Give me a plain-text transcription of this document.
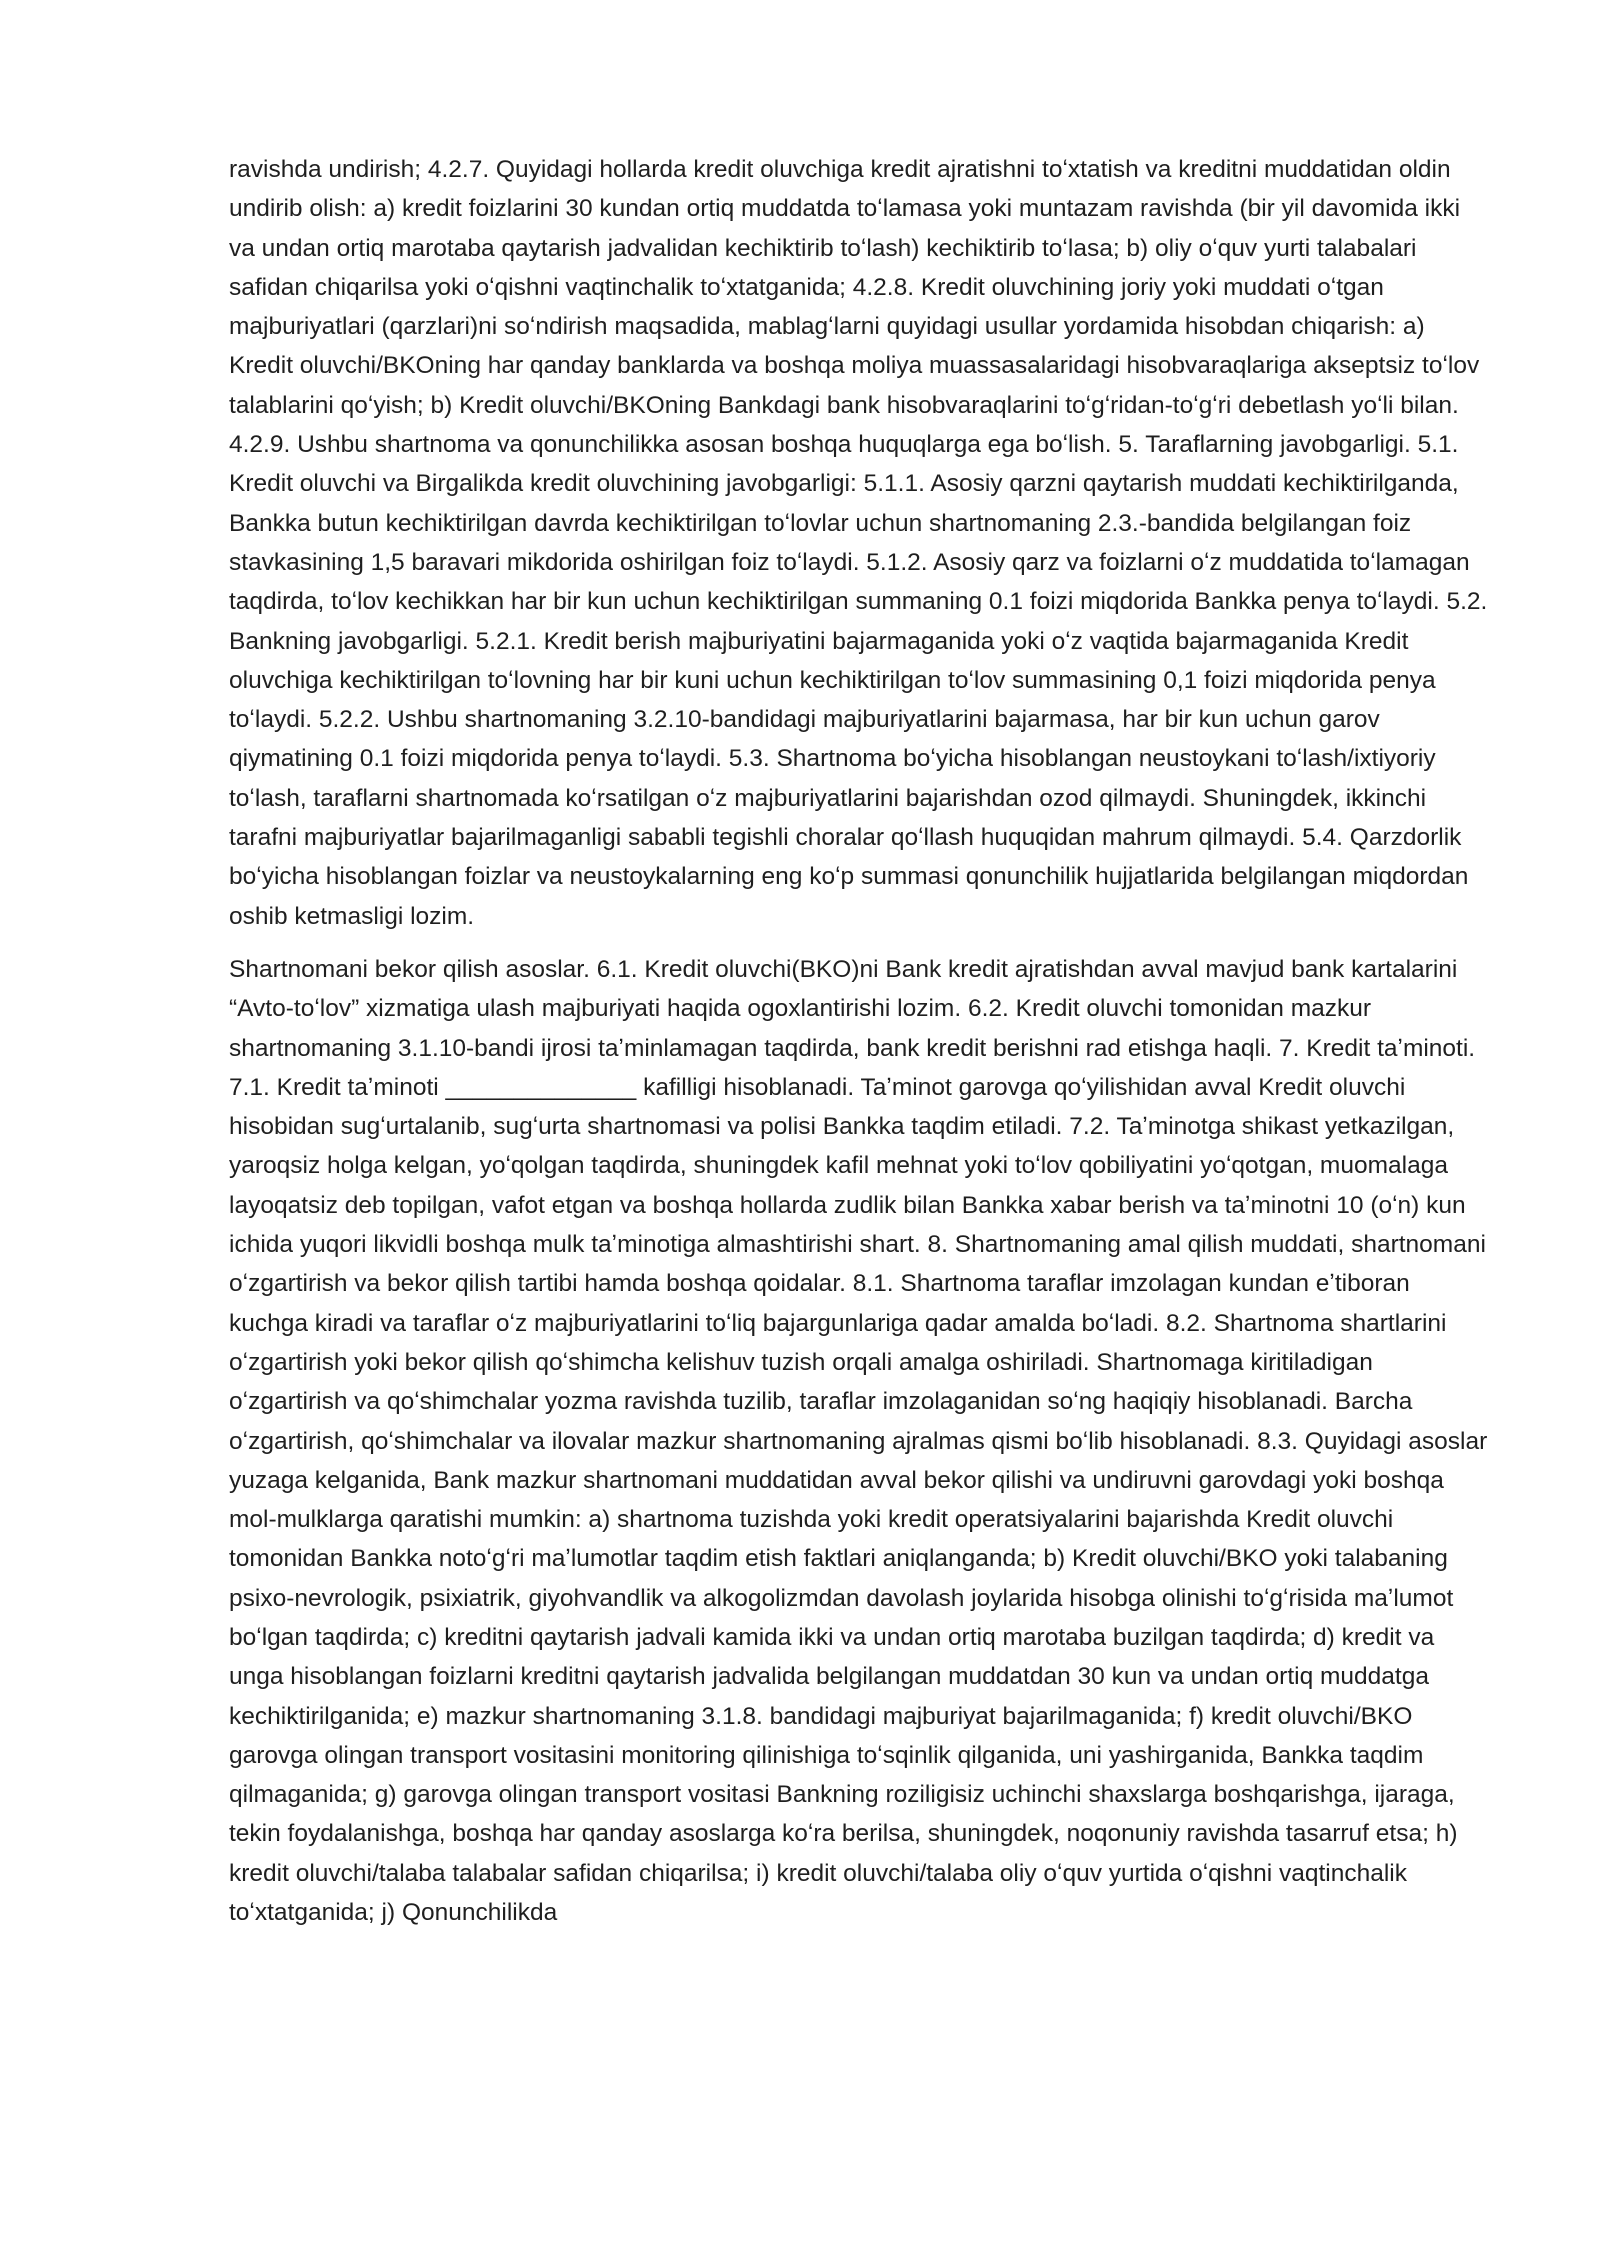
ravishda undirish; 4.2.7. Quyidagi hollarda kredit oluvchiga kredit ajratishni toʻxtatish va kreditni muddatidan oldin undirib olish: a) kredit foizlarini 30 kundan ortiq muddatda toʻlamasa yoki muntazam ravishda (bir yil davomida ikki va undan ortiq marotaba qaytarish jadvalidan kechiktirib toʻlash) kechiktirib toʻlasa; b) oliy oʻquv yurti talabalari safidan chiqarilsa yoki oʻqishni vaqtinchalik toʻxtatganida; 4.2.8. Kredit oluvchining joriy yoki muddati oʻtgan majburiyatlari (qarzlari)ni soʻndirish maqsadida, mablagʻlarni quyidagi usullar yordamida hisobdan chiqarish: a) Kredit oluvchi/BKOning har qanday banklarda va boshqa moliya muassasalaridagi hisobvaraqlariga akseptsiz toʻlov talablarini qoʻyish; b) Kredit oluvchi/BKOning Bankdagi bank hisobvaraqlarini toʻgʻridan-toʻgʻri debetlash yoʻli bilan. 4.2.9. Ushbu shartnoma va qonunchilikka asosan boshqa huquqlarga ega boʻlish. 5. Taraflarning javobgarligi. 5.1. Kredit oluvchi va Birgalikda kredit oluvchining javobgarligi: 5.1.1. Asosiy qarzni qaytarish muddati kechiktirilganda, Bankka butun kechiktirilgan davrda kechiktirilgan toʻlovlar uchun shartnomaning 2.3.-bandida belgilangan foiz stavkasining 1,5 baravari mikdorida oshirilgan foiz toʻlaydi. 5.1.2. Asosiy qarz va foizlarni oʻz muddatida toʻlamagan taqdirda, toʻlov kechikkan har bir kun uchun kechiktirilgan summaning 0.1 foizi miqdorida Bankka penya toʻlaydi. 5.2. Bankning javobgarligi. 5.2.1. Kredit berish majburiyatini bajarmaganida yoki oʻz vaqtida bajarmaganida Kredit oluvchiga kechiktirilgan toʻlovning har bir kuni uchun kechiktirilgan toʻlov summasining 0,1 foizi miqdorida penya toʻlaydi. 5.2.2. Ushbu shartnomaning 3.2.10-bandidagi majburiyatlarini bajarmasa, har bir kun uchun garov qiymatining 0.1 foizi miqdorida penya toʻlaydi. 5.3. Shartnoma boʻyicha hisoblangan neustoykani toʻlash/ixtiyoriy toʻlash, taraflarni shartnomada koʻrsatilgan oʻz majburiyatlarini bajarishdan ozod qilmaydi. Shuningdek, ikkinchi tarafni majburiyatlar bajarilmaganligi sababli tegishli choralar qoʻllash huquqidan mahrum qilmaydi. 5.4. Qarzdorlik boʻyicha hisoblangan foizlar va neustoykalarning eng koʻp summasi qonunchilik hujjatlarida belgilangan miqdordan oshib ketmasligi lozim.

Shartnomani bekor qilish asoslar. 6.1. Kredit oluvchi(BKO)ni Bank kredit ajratishdan avval mavjud bank kartalarini “Avto-toʻlov” xizmatiga ulash majburiyati haqida ogoxlantirishi lozim. 6.2. Kredit oluvchi tomonidan mazkur shartnomaning 3.1.10-bandi ijrosi taʼminlamagan taqdirda, bank kredit berishni rad etishga haqli. 7. Kredit taʼminoti. 7.1. Kredit taʼminoti ______________ kafilligi hisoblanadi. Taʼminot garovga qoʻyilishidan avval Kredit oluvchi hisobidan sugʻurtalanib, sugʻurta shartnomasi va polisi Bankka taqdim etiladi. 7.2. Taʼminotga shikast yetkazilgan, yaroqsiz holga kelgan, yoʻqolgan taqdirda, shuningdek kafil mehnat yoki toʻlov qobiliyatini yoʻqotgan, muomalaga layoqatsiz deb topilgan, vafot etgan va boshqa hollarda zudlik bilan Bankka xabar berish va taʼminotni 10 (oʻn) kun ichida yuqori likvidli boshqa mulk taʼminotiga almashtirishi shart. 8. Shartnomaning amal qilish muddati, shartnomani oʻzgartirish va bekor qilish tartibi hamda boshqa qoidalar. 8.1. Shartnoma taraflar imzolagan kundan eʼtiboran kuchga kiradi va taraflar oʻz majburiyatlarini toʻliq bajargunlariga qadar amalda boʻladi. 8.2. Shartnoma shartlarini oʻzgartirish yoki bekor qilish qoʻshimcha kelishuv tuzish orqali amalga oshiriladi. Shartnomaga kiritiladigan oʻzgartirish va qoʻshimchalar yozma ravishda tuzilib, taraflar imzolaganidan soʻng haqiqiy hisoblanadi. Barcha oʻzgartirish, qoʻshimchalar va ilovalar mazkur shartnomaning ajralmas qismi boʻlib hisoblanadi. 8.3. Quyidagi asoslar yuzaga kelganida, Bank mazkur shartnomani muddatidan avval bekor qilishi va undiruvni garovdagi yoki boshqa mol-mulklarga qaratishi mumkin: a) shartnoma tuzishda yoki kredit operatsiyalarini bajarishda Kredit oluvchi tomonidan Bankka notoʻgʻri maʼlumotlar taqdim etish faktlari aniqlanganda; b) Kredit oluvchi/BKO yoki talabaning psixo-nevrologik, psixiatrik, giyohvandlik va alkogolizmdan davolash joylarida hisobga olinishi toʻgʻrisida maʼlumot boʻlgan taqdirda; c) kreditni qaytarish jadvali kamida ikki va undan ortiq marotaba buzilgan taqdirda; d) kredit va unga hisoblangan foizlarni kreditni qaytarish jadvalida belgilangan muddatdan 30 kun va undan ortiq muddatga kechiktirilganida; e) mazkur shartnomaning 3.1.8. bandidagi majburiyat bajarilmaganida; f) kredit oluvchi/BKO garovga olingan transport vositasini monitoring qilinishiga toʻsqinlik qilganida, uni yashirganida, Bankka taqdim qilmaganida; g) garovga olingan transport vositasi Bankning roziligisiz uchinchi shaxslarga boshqarishga, ijaraga, tekin foydalanishga, boshqa har qanday asoslarga koʻra berilsa, shuningdek, noqonuniy ravishda tasarruf etsa; h) kredit oluvchi/talaba talabalar safidan chiqarilsa; i) kredit oluvchi/talaba oliy oʻquv yurtida oʻqishni vaqtinchalik toʻxtatganida; j) Qonunchilikda
